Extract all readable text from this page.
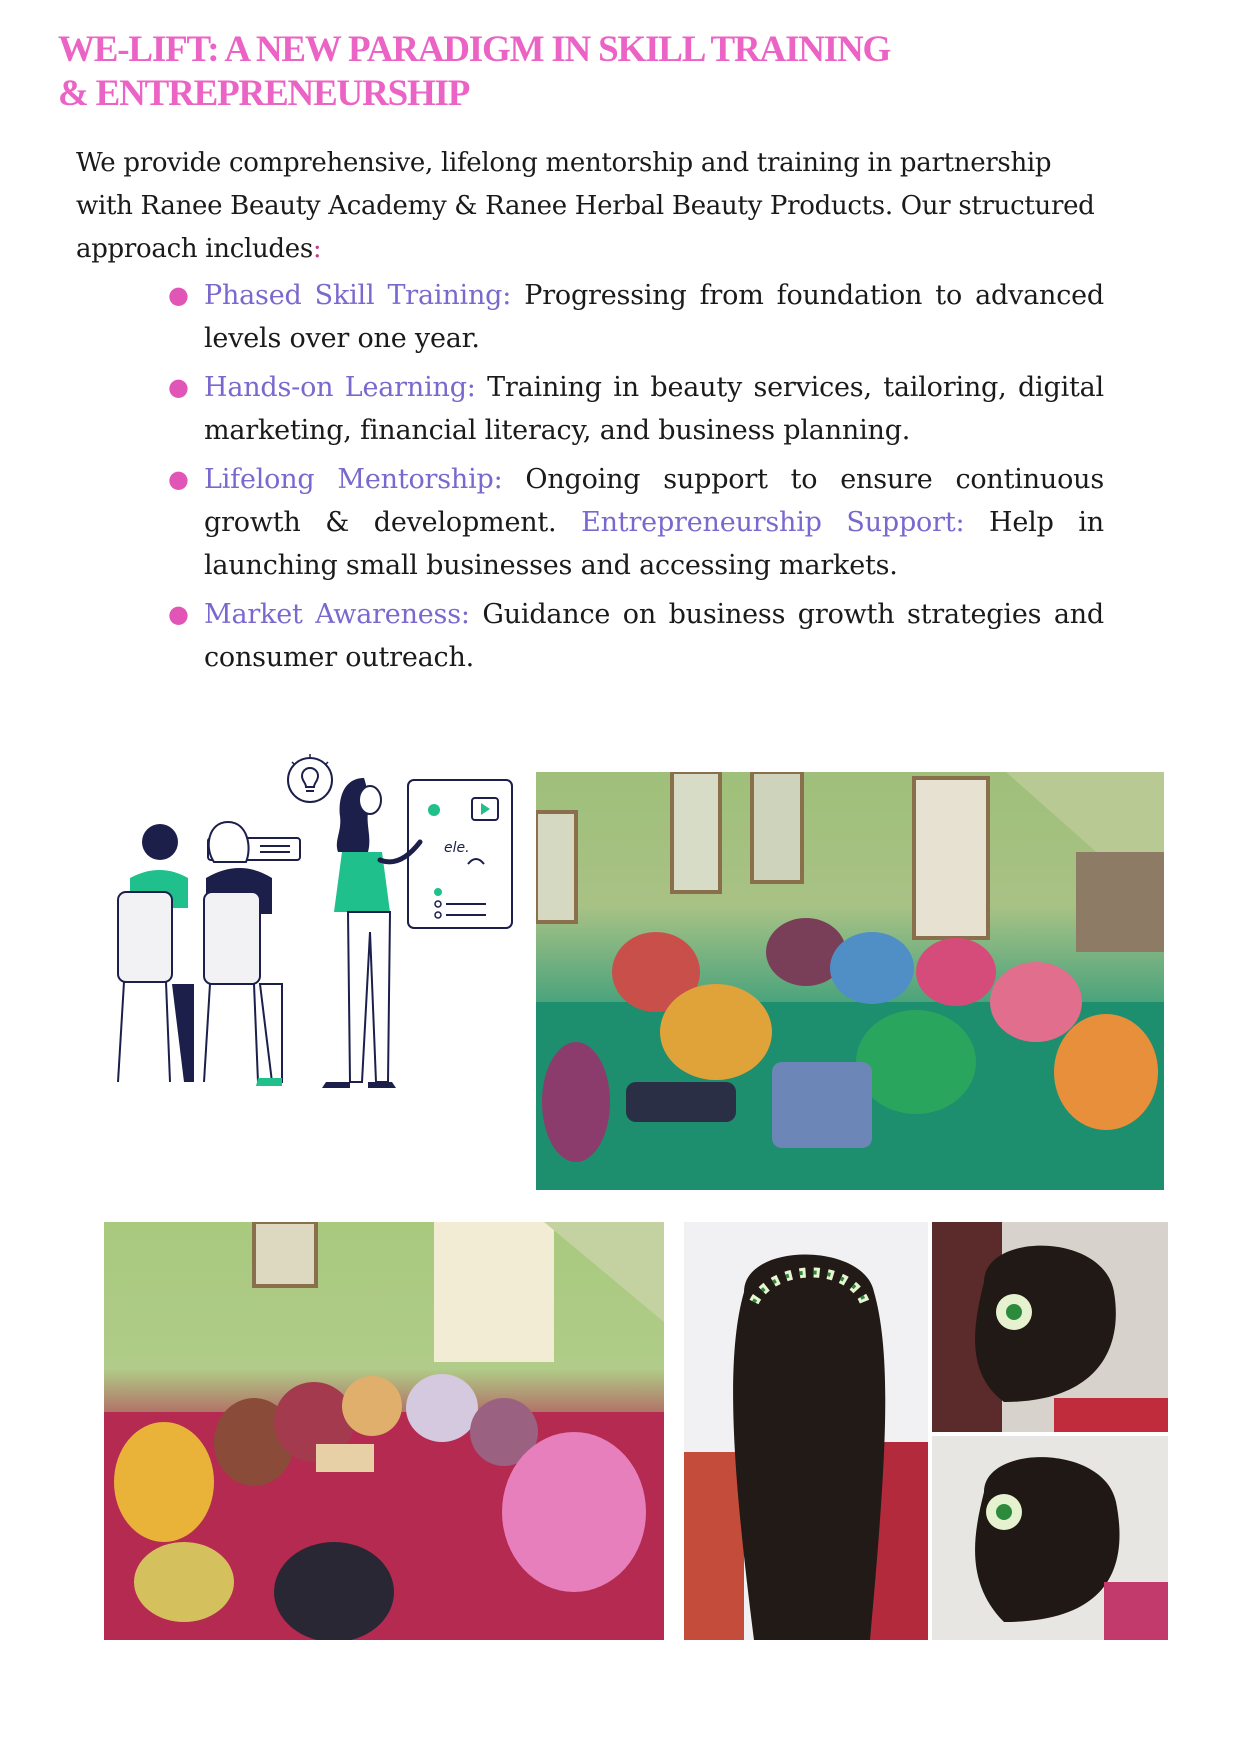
WE-LIFT: A NEW PARADIGM IN SKILL TRAINING
& ENTREPRENEURSHIP

We provide comprehensive, lifelong mentorship and training in partnership with Ranee Beauty Academy & Ranee Herbal Beauty Products. Our structured approach includes:

● Phased Skill Training: Progressing from foundation to advanced levels over one year.
● Hands-on Learning: Training in beauty services, tailoring, digital marketing, financial literacy, and business planning.
● Lifelong Mentorship: Ongoing support to ensure continuous growth & development. Entrepreneurship Support: Help in launching small businesses and accessing markets.
● Market Awareness: Guidance on business growth strategies and consumer outreach.
ele.
